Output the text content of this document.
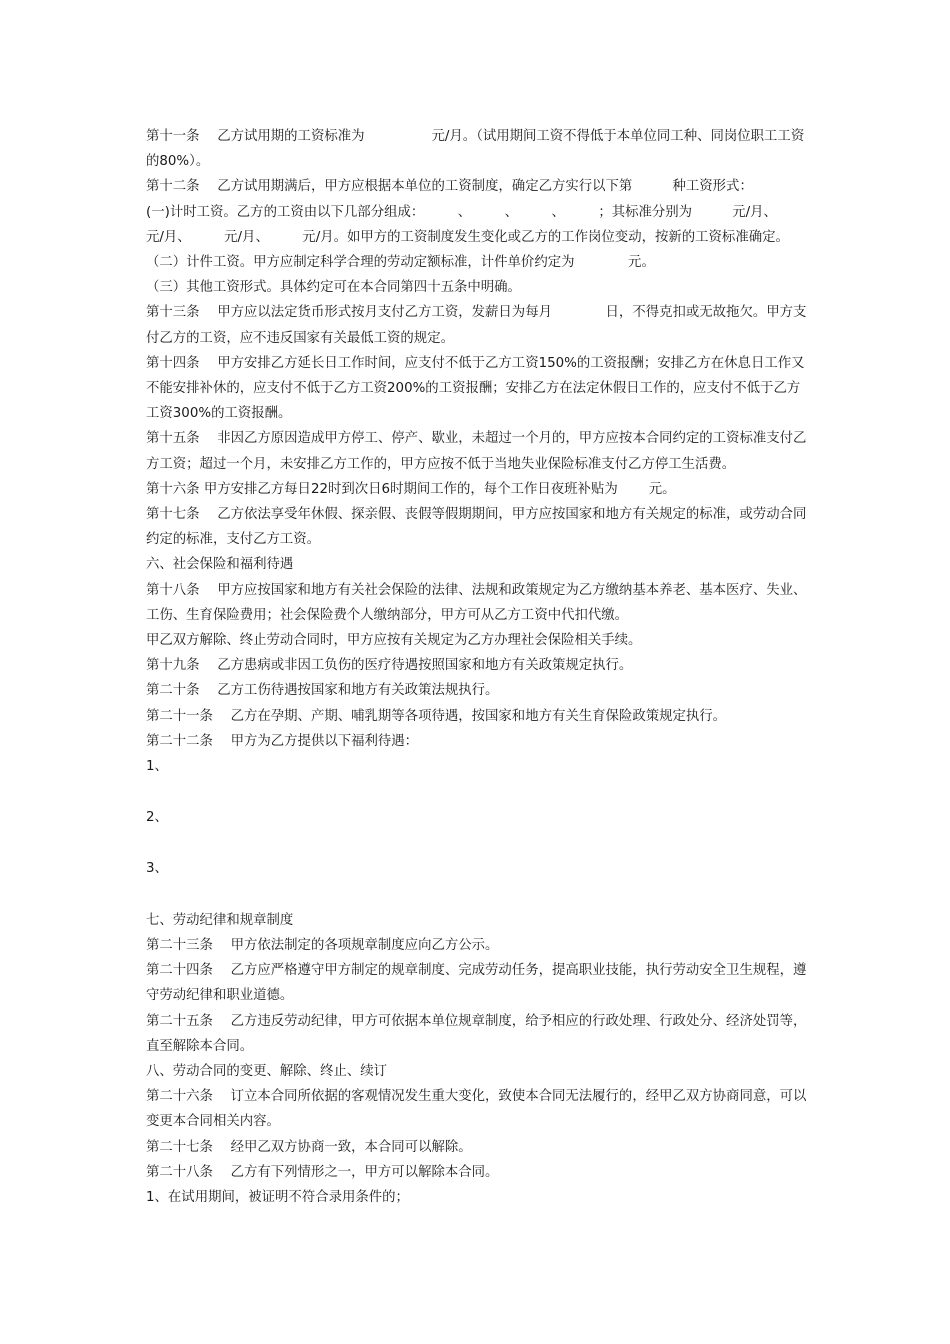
第十一条　 乙方试用期的工资标准为　　　　　元/月。（试用期间工资不得低于本单位同工种、同岗位职工工资的80%）。

第十二条　 乙方试用期满后，甲方应根据本单位的工资制度，确定乙方实行以下第　　　种工资形式：

(一)计时工资。乙方的工资由以下几部分组成：　　　、　　　、　　　、　　　；其标准分别为　　　元/月、　　　元/月、　　　元/月、　　　元/月。如甲方的工资制度发生变化或乙方的工作岗位变动，按新的工资标准确定。

（二）计件工资。甲方应制定科学合理的劳动定额标准，计件单价约定为　　　　元。

（三）其他工资形式。具体约定可在本合同第四十五条中明确。

第十三条　 甲方应以法定货币形式按月支付乙方工资，发薪日为每月　　　　日，不得克扣或无故拖欠。甲方支付乙方的工资，应不违反国家有关最低工资的规定。

第十四条　 甲方安排乙方延长日工作时间，应支付不低于乙方工资150%的工资报酬；安排乙方在休息日工作又不能安排补休的，应支付不低于乙方工资200%的工资报酬；安排乙方在法定休假日工作的，应支付不低于乙方工资300%的工资报酬。

第十五条　 非因乙方原因造成甲方停工、停产、歇业，未超过一个月的，甲方应按本合同约定的工资标准支付乙方工资；超过一个月，未安排乙方工作的，甲方应按不低于当地失业保险标准支付乙方停工生活费。

第十六条 甲方安排乙方每日22时到次日6时期间工作的，每个工作日夜班补贴为　　 元。

第十七条　 乙方依法享受年休假、探亲假、丧假等假期期间，甲方应按国家和地方有关规定的标准，或劳动合同约定的标准，支付乙方工资。

六、社会保险和福利待遇

第十八条　 甲方应按国家和地方有关社会保险的法律、法规和政策规定为乙方缴纳基本养老、基本医疗、失业、工伤、生育保险费用；社会保险费个人缴纳部分，甲方可从乙方工资中代扣代缴。

甲乙双方解除、终止劳动合同时，甲方应按有关规定为乙方办理社会保险相关手续。

第十九条　 乙方患病或非因工负伤的医疗待遇按照国家和地方有关政策规定执行。

第二十条　 乙方工伤待遇按国家和地方有关政策法规执行。

第二十一条　 乙方在孕期、产期、哺乳期等各项待遇，按国家和地方有关生育保险政策规定执行。

第二十二条　 甲方为乙方提供以下福利待遇：

1、

2、

3、

七、劳动纪律和规章制度

第二十三条　 甲方依法制定的各项规章制度应向乙方公示。

第二十四条　 乙方应严格遵守甲方制定的规章制度、完成劳动任务，提高职业技能，执行劳动安全卫生规程，遵守劳动纪律和职业道德。

第二十五条　 乙方违反劳动纪律，甲方可依据本单位规章制度，给予相应的行政处理、行政处分、经济处罚等，直至解除本合同。

八、劳动合同的变更、解除、终止、续订

第二十六条　 订立本合同所依据的客观情况发生重大变化，致使本合同无法履行的，经甲乙双方协商同意，可以变更本合同相关内容。

第二十七条　 经甲乙双方协商一致，本合同可以解除。

第二十八条　 乙方有下列情形之一，甲方可以解除本合同。

1、在试用期间，被证明不符合录用条件的；
